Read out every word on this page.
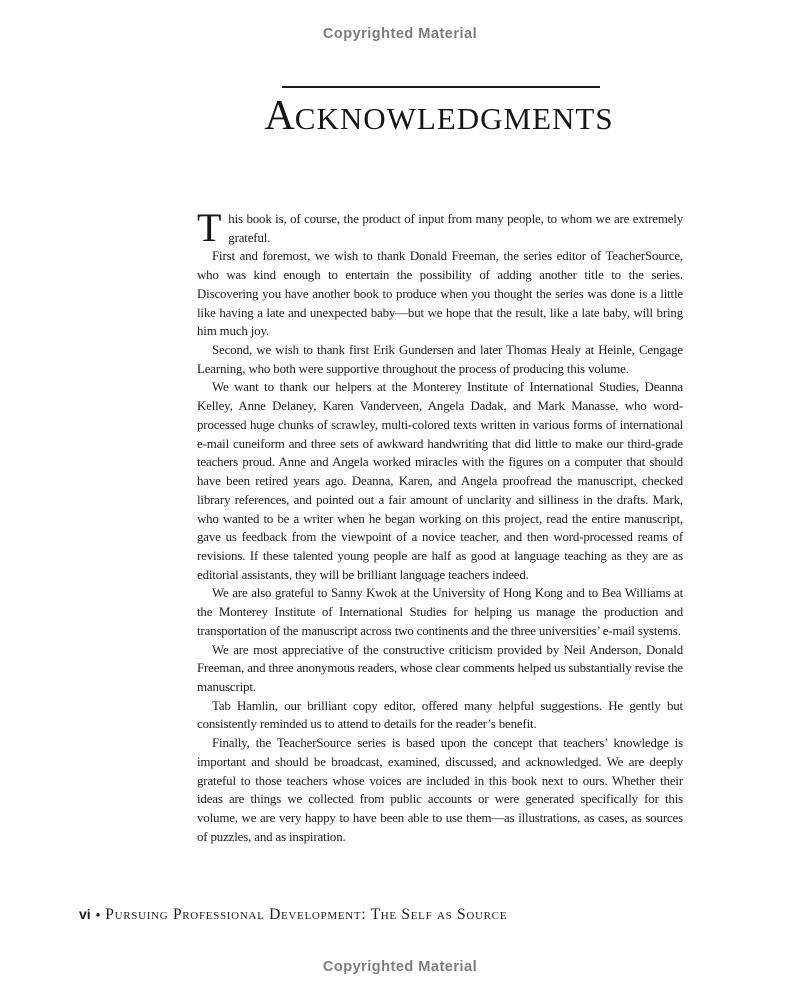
Copyrighted Material
ACKNOWLEDGMENTS

This book is, of course, the product of input from many people, to whom we are extremely grateful.

First and foremost, we wish to thank Donald Freeman, the series editor of TeacherSource, who was kind enough to entertain the possibility of adding another title to the series. Discovering you have another book to produce when you thought the series was done is a little like having a late and unexpected baby—but we hope that the result, like a late baby, will bring him much joy.

Second, we wish to thank first Erik Gundersen and later Thomas Healy at Heinle, Cengage Learning, who both were supportive throughout the process of producing this volume.

We want to thank our helpers at the Monterey Institute of International Studies, Deanna Kelley, Anne Delaney, Karen Vanderveen, Angela Dadak, and Mark Manasse, who word-processed huge chunks of scrawley, multi-colored texts written in various forms of international e-mail cuneiform and three sets of awkward handwriting that did little to make our third-grade teachers proud. Anne and Angela worked miracles with the figures on a computer that should have been retired years ago. Deanna, Karen, and Angela proofread the manuscript, checked library references, and pointed out a fair amount of unclarity and silliness in the drafts. Mark, who wanted to be a writer when he began working on this project, read the entire manuscript, gave us feedback from the viewpoint of a novice teacher, and then word-processed reams of revisions. If these talented young people are half as good at language teaching as they are as editorial assistants, they will be brilliant language teachers indeed.

We are also grateful to Sanny Kwok at the University of Hong Kong and to Bea Williams at the Monterey Institute of International Studies for helping us manage the production and transportation of the manuscript across two continents and the three universities’ e-mail systems.

We are most appreciative of the constructive criticism provided by Neil Anderson, Donald Freeman, and three anonymous readers, whose clear comments helped us substantially revise the manuscript.

Tab Hamlin, our brilliant copy editor, offered many helpful suggestions. He gently but consistently reminded us to attend to details for the reader’s benefit.

Finally, the TeacherSource series is based upon the concept that teachers’ knowledge is important and should be broadcast, examined, discussed, and acknowledged. We are deeply grateful to those teachers whose voices are included in this book next to ours. Whether their ideas are things we collected from public accounts or were generated specifically for this volume, we are very happy to have been able to use them—as illustrations, as cases, as sources of puzzles, and as inspiration.

vi • Pursuing Professional Development: The Self as Source
Copyrighted Material
